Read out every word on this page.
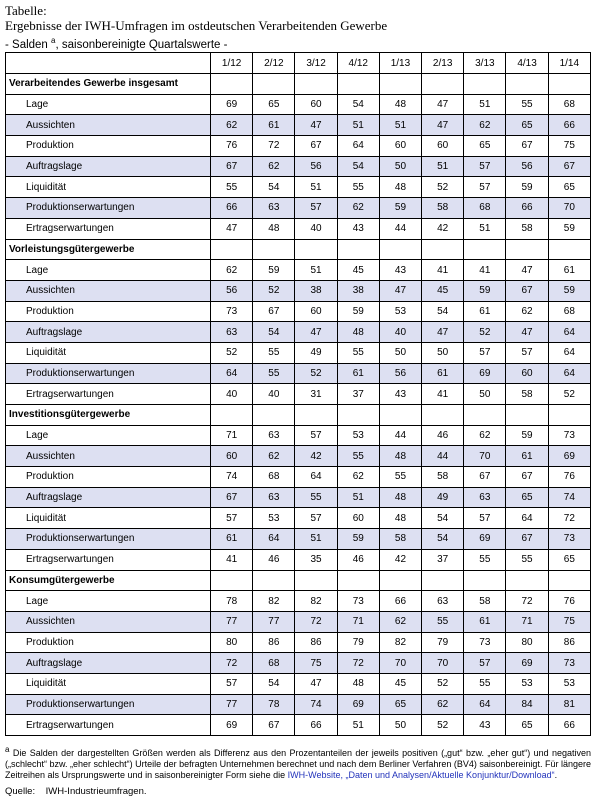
Tabelle:
Ergebnisse der IWH-Umfragen im ostdeutschen Verarbeitenden Gewerbe
- Salden $^a$, saisonbereinigte Quartalswerte -
	1/12	2/12	3/12	4/12	1/13	2/13	3/13	4/13	1/14
Verarbeitendes Gewerbe insgesamt									
Lage	69	65	60	54	48	47	51	55	68
Aussichten	62	61	47	51	51	47	62	65	66
Produktion	76	72	67	64	60	60	65	67	75
Auftragslage	67	62	56	54	50	51	57	56	67
Liquidität	55	54	51	55	48	52	57	59	65
Produktionserwartungen	66	63	57	62	59	58	68	66	70
Ertragserwartungen	47	48	40	43	44	42	51	58	59
Vorleistungsgütergewerbe									
Lage	62	59	51	45	43	41	41	47	61
Aussichten	56	52	38	38	47	45	59	67	59
Produktion	73	67	60	59	53	54	61	62	68
Auftragslage	63	54	47	48	40	47	52	47	64
Liquidität	52	55	49	55	50	50	57	57	64
Produktionserwartungen	64	55	52	61	56	61	69	60	64
Ertragserwartungen	40	40	31	37	43	41	50	58	52
Investitionsgütergewerbe									
Lage	71	63	57	53	44	46	62	59	73
Aussichten	60	62	42	55	48	44	70	61	69
Produktion	74	68	64	62	55	58	67	67	76
Auftragslage	67	63	55	51	48	49	63	65	74
Liquidität	57	53	57	60	48	54	57	64	72
Produktionserwartungen	61	64	51	59	58	54	69	67	73
Ertragserwartungen	41	46	35	46	42	37	55	55	65
Konsumgütergewerbe									
Lage	78	82	82	73	66	63	58	72	76
Aussichten	77	77	72	71	62	55	61	71	75
Produktion	80	86	86	79	82	79	73	80	86
Auftragslage	72	68	75	72	70	70	57	69	73
Liquidität	57	54	47	48	45	52	55	53	53
Produktionserwartungen	77	78	74	69	65	62	64	84	81
Ertragserwartungen	69	67	66	51	50	52	43	65	66
$^a$ Die Salden der dargestellten Größen werden als Differenz aus den Prozentanteilen der jeweils positiven („gut“ bzw. „eher gut“) und negativen („schlecht“ bzw. „eher schlecht“) Urteile der befragten Unternehmen berechnet und nach dem Berliner Verfahren (BV4) saisonbereinigt. Für längere Zeitreihen als Ursprungswerte und in saisonbereinigter Form siehe die IWH-Website, „Daten und Analysen/Aktuelle Konjunktur/Download“.
Quelle: IWH-Industrieumfragen.
